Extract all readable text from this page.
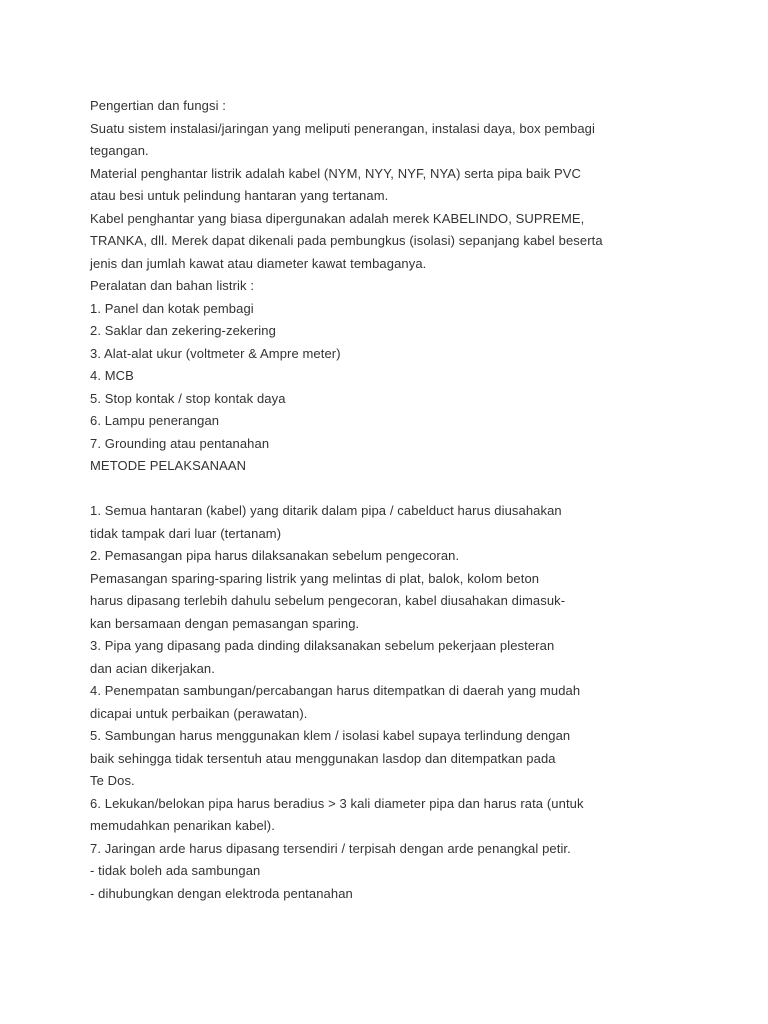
Pengertian dan fungsi :
Suatu sistem instalasi/jaringan yang meliputi penerangan, instalasi daya, box pembagi
tegangan.
Material penghantar listrik adalah kabel (NYM, NYY, NYF, NYA) serta pipa baik PVC
atau besi untuk pelindung hantaran yang tertanam.
Kabel penghantar yang biasa dipergunakan adalah merek KABELINDO, SUPREME,
TRANKA, dll. Merek dapat dikenali pada pembungkus (isolasi) sepanjang kabel beserta
jenis dan jumlah kawat atau diameter kawat tembaganya.
Peralatan dan bahan listrik :
1. Panel dan kotak pembagi
2. Saklar dan zekering-zekering
3. Alat-alat ukur (voltmeter & Ampre meter)
4. MCB
5. Stop kontak / stop kontak daya
6. Lampu penerangan
7. Grounding atau pentanahan
METODE PELAKSANAAN
1. Semua hantaran (kabel) yang ditarik dalam pipa / cabelduct harus diusahakan
tidak tampak dari luar (tertanam)
2. Pemasangan pipa harus dilaksanakan sebelum pengecoran.
Pemasangan sparing-sparing listrik yang melintas di plat, balok, kolom beton
harus dipasang terlebih dahulu sebelum pengecoran, kabel diusahakan dimasuk-
kan bersamaan dengan pemasangan sparing.
3. Pipa yang dipasang pada dinding dilaksanakan sebelum pekerjaan plesteran
dan acian dikerjakan.
4. Penempatan sambungan/percabangan harus ditempatkan di daerah yang mudah
dicapai untuk perbaikan (perawatan).
5. Sambungan harus menggunakan klem / isolasi kabel supaya terlindung dengan
baik sehingga tidak tersentuh atau menggunakan lasdop dan ditempatkan pada
Te Dos.
6. Lekukan/belokan pipa harus beradius > 3 kali diameter pipa dan harus rata (untuk
memudahkan penarikan kabel).
7. Jaringan arde harus dipasang tersendiri / terpisah dengan arde penangkal petir.
- tidak boleh ada sambungan
- dihubungkan dengan elektroda pentanahan
